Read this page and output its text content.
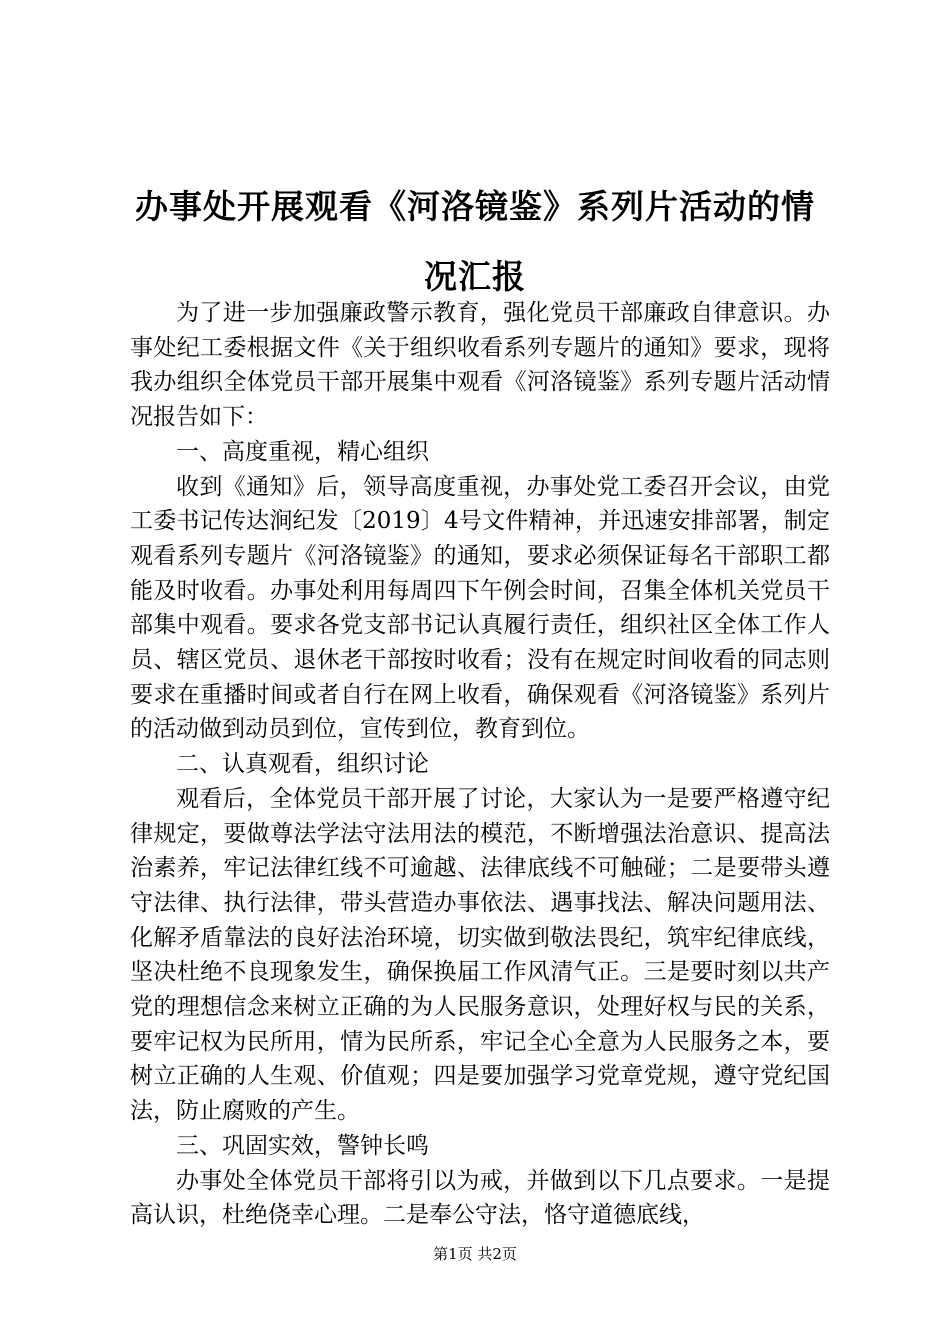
办事处开展观看《河洛镜鉴》系列片活动的情况汇报

为了进一步加强廉政警示教育，强化党员干部廉政自律意识。办事处纪工委根据文件《关于组织收看系列专题片的通知》要求，现将我办组织全体党员干部开展集中观看《河洛镜鉴》系列专题片活动情况报告如下：

一、高度重视，精心组织

收到《通知》后，领导高度重视，办事处党工委召开会议，由党工委书记传达涧纪发〔2019〕4号文件精神，并迅速安排部署，制定观看系列专题片《河洛镜鉴》的通知，要求必须保证每名干部职工都能及时收看。办事处利用每周四下午例会时间，召集全体机关党员干部集中观看。要求各党支部书记认真履行责任，组织社区全体工作人员、辖区党员、退休老干部按时收看；没有在规定时间收看的同志则要求在重播时间或者自行在网上收看，确保观看《河洛镜鉴》系列片的活动做到动员到位，宣传到位，教育到位。

二、认真观看，组织讨论

观看后，全体党员干部开展了讨论，大家认为一是要严格遵守纪律规定，要做尊法学法守法用法的模范，不断增强法治意识、提高法治素养，牢记法律红线不可逾越、法律底线不可触碰；二是要带头遵守法律、执行法律，带头营造办事依法、遇事找法、解决问题用法、化解矛盾靠法的良好法治环境，切实做到敬法畏纪，筑牢纪律底线，坚决杜绝不良现象发生，确保换届工作风清气正。三是要时刻以共产党的理想信念来树立正确的为人民服务意识，处理好权与民的关系，要牢记权为民所用，情为民所系，牢记全心全意为人民服务之本，要树立正确的人生观、价值观；四是要加强学习党章党规，遵守党纪国法，防止腐败的产生。

三、巩固实效，警钟长鸣

办事处全体党员干部将引以为戒，并做到以下几点要求。一是提高认识，杜绝侥幸心理。二是奉公守法，恪守道德底线，

第1页 共2页
